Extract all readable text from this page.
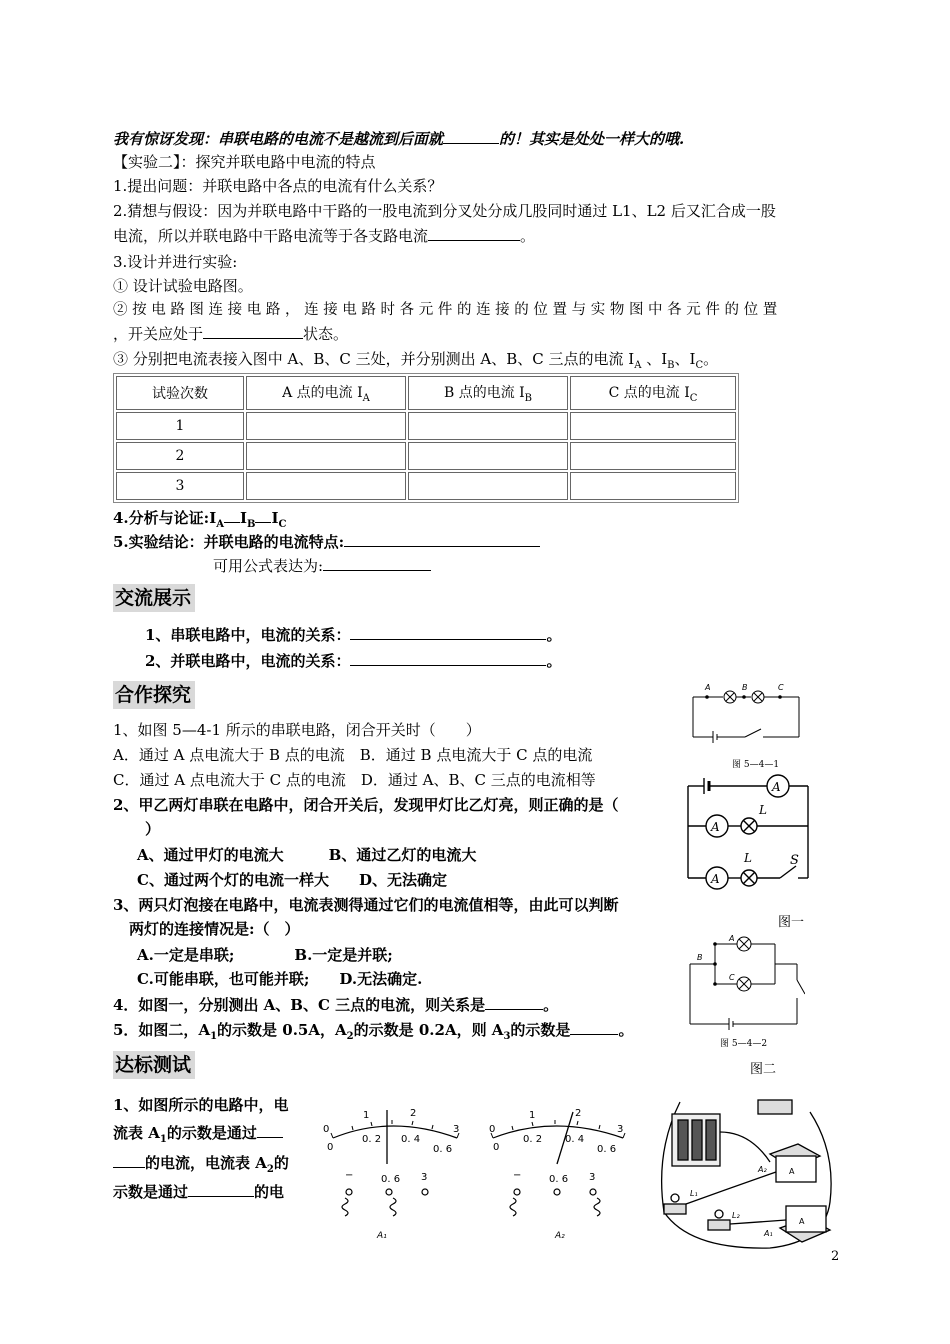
我有惊讶发现：串联电路的电流不是越流到后面就	的！其实是处处一样大的哦.
【实验二】：探究并联电路中电流的特点
1.提出问题：并联电路中各点的电流有什么关系？
2.猜想与假设：因为并联电路中干路的一股电流到分叉处分成几股同时通过 L1、L2 后又汇合成一股
电流，所以并联电路中干路电流等于各支路电流	。
3.设计并进行实验:
① 设计试验电路图。
② 按 电 路 图 连 接 电 路 ， 连 接 电 路 时 各 元 件 的 连 接 的 位 置 与 实 物 图 中 各 元 件 的 位 置
，开关应处于	状态。
③ 分别把电流表接入图中 A、B、C 三处，并分别测出 A、B、C 三点的电流 $I_A$ 、$I_B$、$I_C$。
试验次数	A 点的电流 $I_A$	B 点的电流 $I_B$	C 点的电流 $I_C$
1			
2			
3			
4.分析与论证$:I_A$ $I_B$ $I_C$
5.实验结论：并联电路的电流特点:
可用公式表达为:
交流展示
1、串联电路中，电流的关系：	。
2、并联电路中，电流的关系：	。
合作探究
1、如图 5—4-1 所示的串联电路，闭合开关时（　　）
A．通过 A 点电流大于 B 点的电流　B．通过 B 点电流大于 C 点的电流
C．通过 A 点电流大于 C 点的电流　D．通过 A、B、C 三点的电流相等
2、甲乙两灯串联在电路中，闭合开关后，发现甲灯比乙灯亮，则正确的是（
）
A、通过甲灯的电流大　　　B、通过乙灯的电流大
C、通过两个灯的电流一样大　　D、无法确定
3、两只灯泡接在电路中，电流表测得通过它们的电流值相等，由此可以判断
两灯的连接情况是:（　）
A.一定是串联;　　　　B.一定是并联;
C.可能串联，也可能并联;　　D.无法确定.
4．如图一，分别测出 A、B、C 三点的电流，则关系是	。
5．如图二，$A_1$的示数是 0.5A，$A_2$的示数是 0.2A，则 $A_3$的示数是	。
达标测试
1、如图所示的电路中，电
流表 $A_1$的示数是通过
的电流，电流表 $A_2$的
示数是通过	的电
A	B	C
图 5—4—1
A
A
A
L
L	S
图一
A
C
B
图 5—4—2
图二
0
1	2
3
0
0. 2 0. 4
0. 6
−	0. 6 3
A₁
0
1	2
3
0
0. 2 0. 4
0. 6
−	0. 6 3
A₂
A₂
L₁
L₂
A₁
A
A
2
